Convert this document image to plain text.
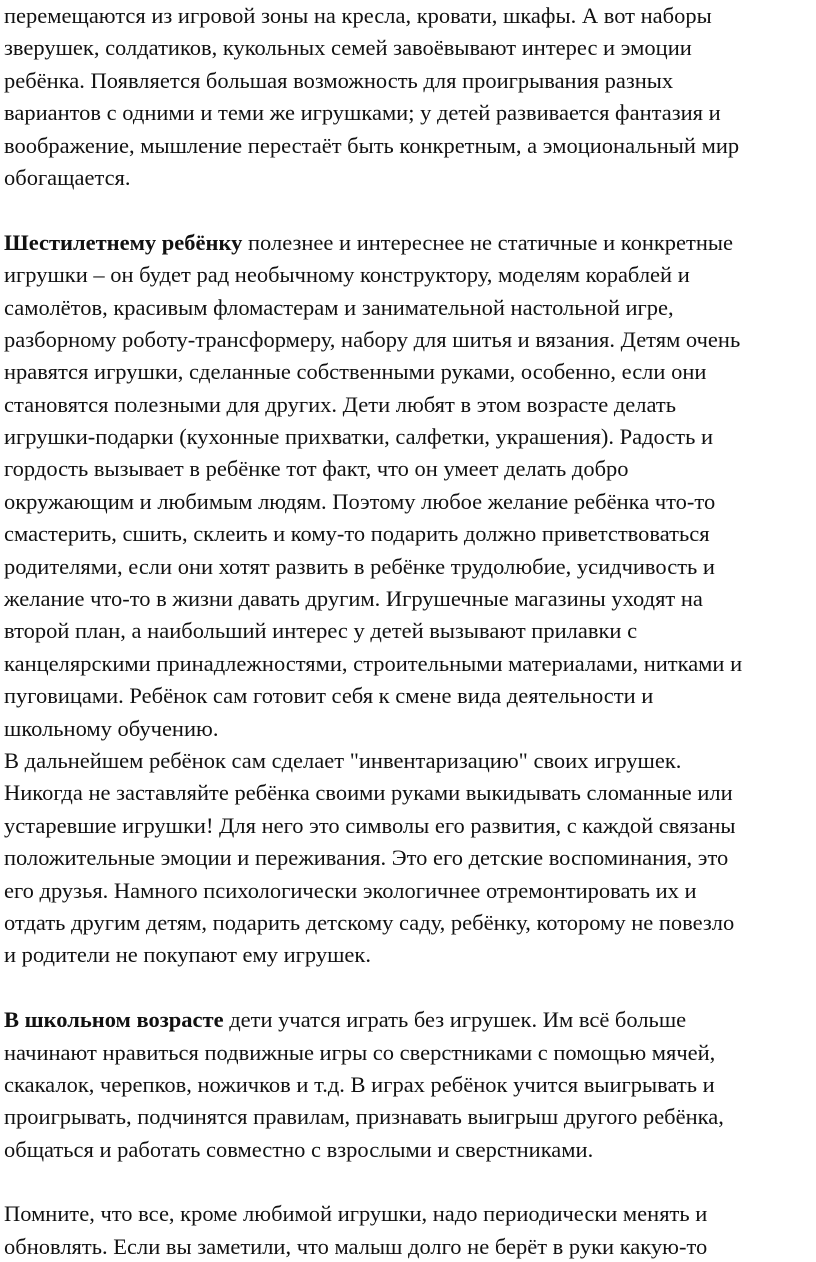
перемещаются из игровой зоны на кресла, кровати, шкафы. А вот наборы
зверушек, солдатиков, кукольных семей завоёвывают интерес и эмоции
ребёнка. Появляется большая возможность для проигрывания разных
вариантов с одними и теми же игрушками; у детей развивается фантазия и
воображение, мышление перестаёт быть конкретным, а эмоциональный мир
обогащается.
Шестилетнему ребёнку полезнее и интереснее не статичные и конкретные
игрушки – он будет рад необычному конструктору, моделям кораблей и
самолётов, красивым фломастерам и занимательной настольной игре,
разборному роботу-трансформеру, набору для шитья и вязания. Детям очень
нравятся игрушки, сделанные собственными руками, особенно, если они
становятся полезными для других. Дети любят в этом возрасте делать
игрушки-подарки (кухонные прихватки, салфетки, украшения). Радость и
гордость вызывает в ребёнке тот факт, что он умеет делать добро
окружающим и любимым людям. Поэтому любое желание ребёнка что-то
смастерить, сшить, склеить и кому-то подарить должно приветствоваться
родителями, если они хотят развить в ребёнке трудолюбие, усидчивость и
желание что-то в жизни давать другим. Игрушечные магазины уходят на
второй план, а наибольший интерес у детей вызывают прилавки с
канцелярскими принадлежностями, строительными материалами, нитками и
пуговицами. Ребёнок сам готовит себя к смене вида деятельности и
школьному обучению.
В дальнейшем ребёнок сам сделает "инвентаризацию" своих игрушек.
Никогда не заставляйте ребёнка своими руками выкидывать сломанные или
устаревшие игрушки! Для него это символы его развития, с каждой связаны
положительные эмоции и переживания. Это его детские воспоминания, это
его друзья. Намного психологически экологичнее отремонтировать их и
отдать другим детям, подарить детскому саду, ребёнку, которому не повезло
и родители не покупают ему игрушек.
В школьном возрасте дети учатся играть без игрушек. Им всё больше
начинают нравиться подвижные игры со сверстниками с помощью мячей,
скакалок, черепков, ножичков и т.д. В играх ребёнок учится выигрывать и
проигрывать, подчинятся правилам, признавать выигрыш другого ребёнка,
общаться и работать совместно с взрослыми и сверстниками.
Помните, что все, кроме любимой игрушки, надо периодически менять и
обновлять. Если вы заметили, что малыш долго не берёт в руки какую-то
